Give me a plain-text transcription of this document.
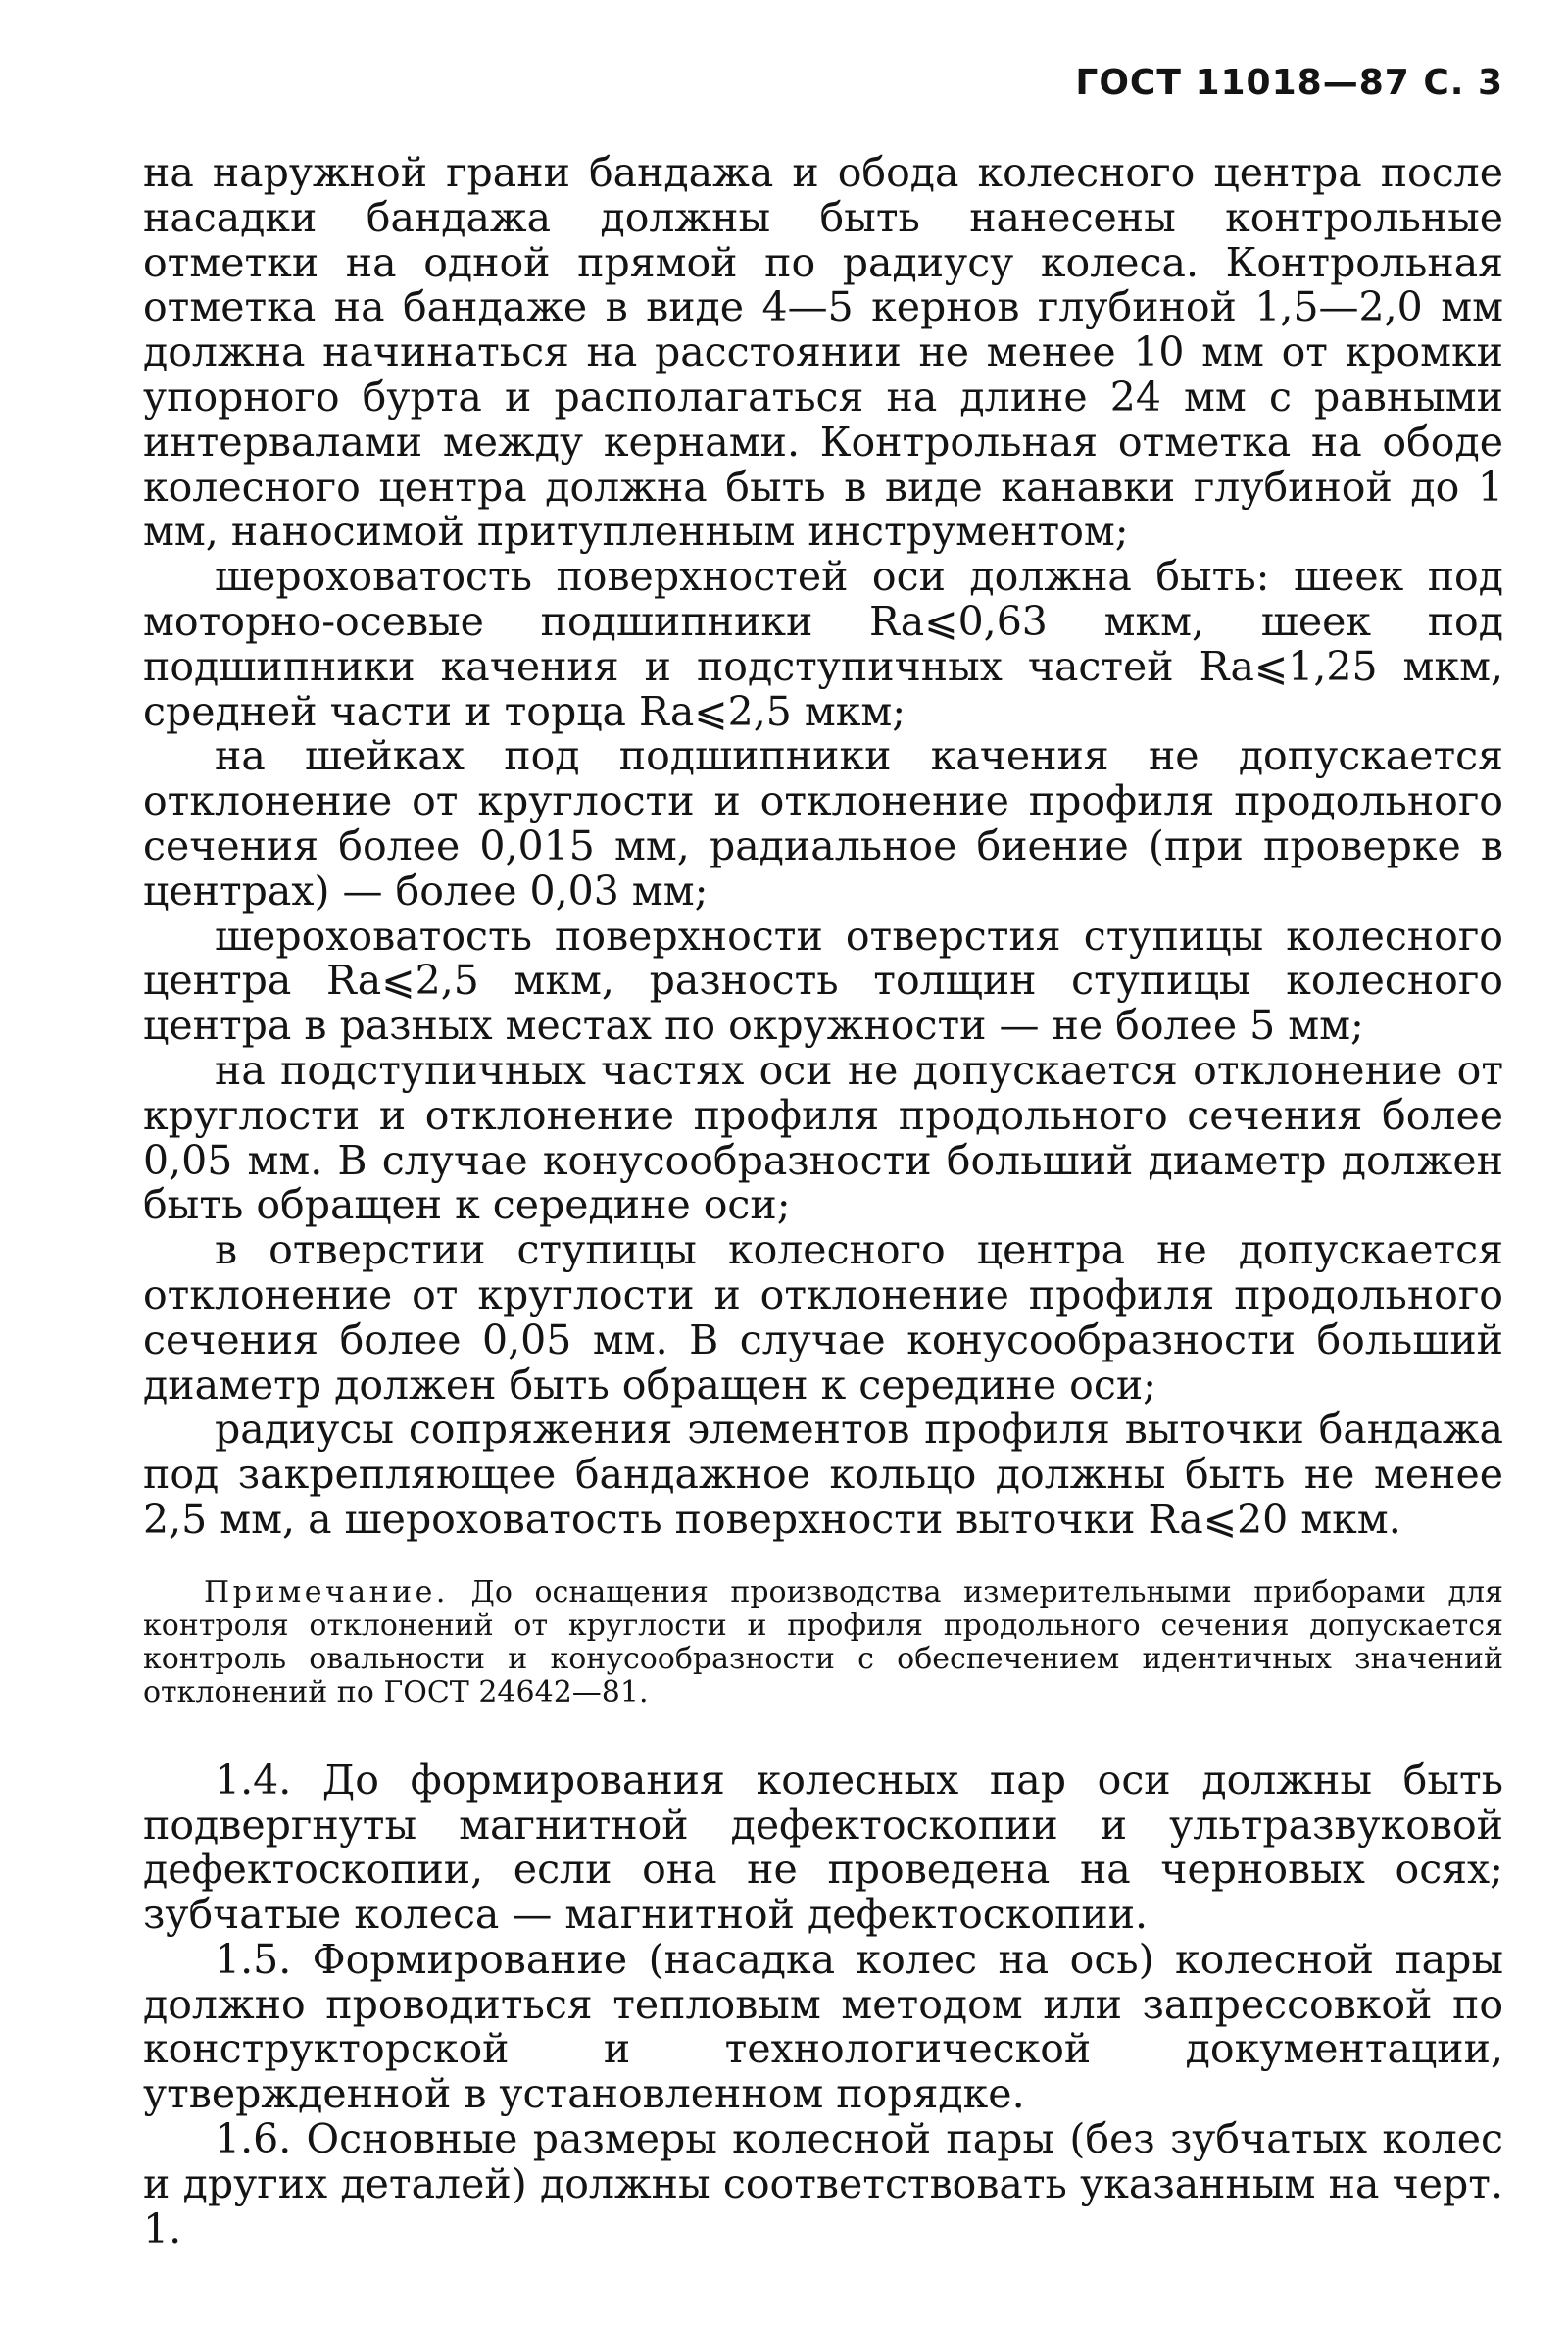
ГОСТ 11018—87 С. 3

на наружной грани бандажа и обода колесного центра после насадки бандажа должны быть нанесены контрольные отметки на одной прямой по радиусу колеса. Контрольная отметка на бандаже в виде 4—5 кернов глубиной 1,5—2,0 мм должна начинаться на расстоянии не менее 10 мм от кромки упорного бурта и располагаться на длине 24 мм с равными интервалами между кернами. Контрольная отметка на ободе колесного центра должна быть в виде канавки глубиной до 1 мм, наносимой притупленным инструментом;

шероховатость поверхностей оси должна быть: шеек под моторно-осевые подшипники Ra⩽0,63 мкм, шеек под подшипники качения и подступичных частей Ra⩽1,25 мкм, средней части и торца Ra⩽2,5 мкм;

на шейках под подшипники качения не допускается отклонение от круглости и отклонение профиля продольного сечения более 0,015 мм, радиальное биение (при проверке в центрах) — более 0,03 мм;

шероховатость поверхности отверстия ступицы колесного центра Ra⩽2,5 мкм, разность толщин ступицы колесного центра в разных местах по окружности — не более 5 мм;

на подступичных частях оси не допускается отклонение от круглости и отклонение профиля продольного сечения более 0,05 мм. В случае конусообразности больший диаметр должен быть обращен к середине оси;

в отверстии ступицы колесного центра не допускается отклонение от круглости и отклонение профиля продольного сечения более 0,05 мм. В случае конусообразности больший диаметр должен быть обращен к середине оси;

радиусы сопряжения элементов профиля выточки бандажа под закрепляющее бандажное кольцо должны быть не менее 2,5 мм, а шероховатость поверхности выточки Ra⩽20 мкм.

Примечание. До оснащения производства измерительными приборами для контроля отклонений от круглости и профиля продольного сечения допускается контроль овальности и конусообразности с обеспечением идентичных значений отклонений по ГОСТ 24642—81.

1.4. До формирования колесных пар оси должны быть подвергнуты магнитной дефектоскопии и ультразвуковой дефектоскопии, если она не проведена на черновых осях; зубчатые колеса — магнитной дефектоскопии.

1.5. Формирование (насадка колес на ось) колесной пары должно проводиться тепловым методом или запрессовкой по конструкторской и технологической документации, утвержденной в установленном порядке.

1.6. Основные размеры колесной пары (без зубчатых колес и других деталей) должны соответствовать указанным на черт. 1.
